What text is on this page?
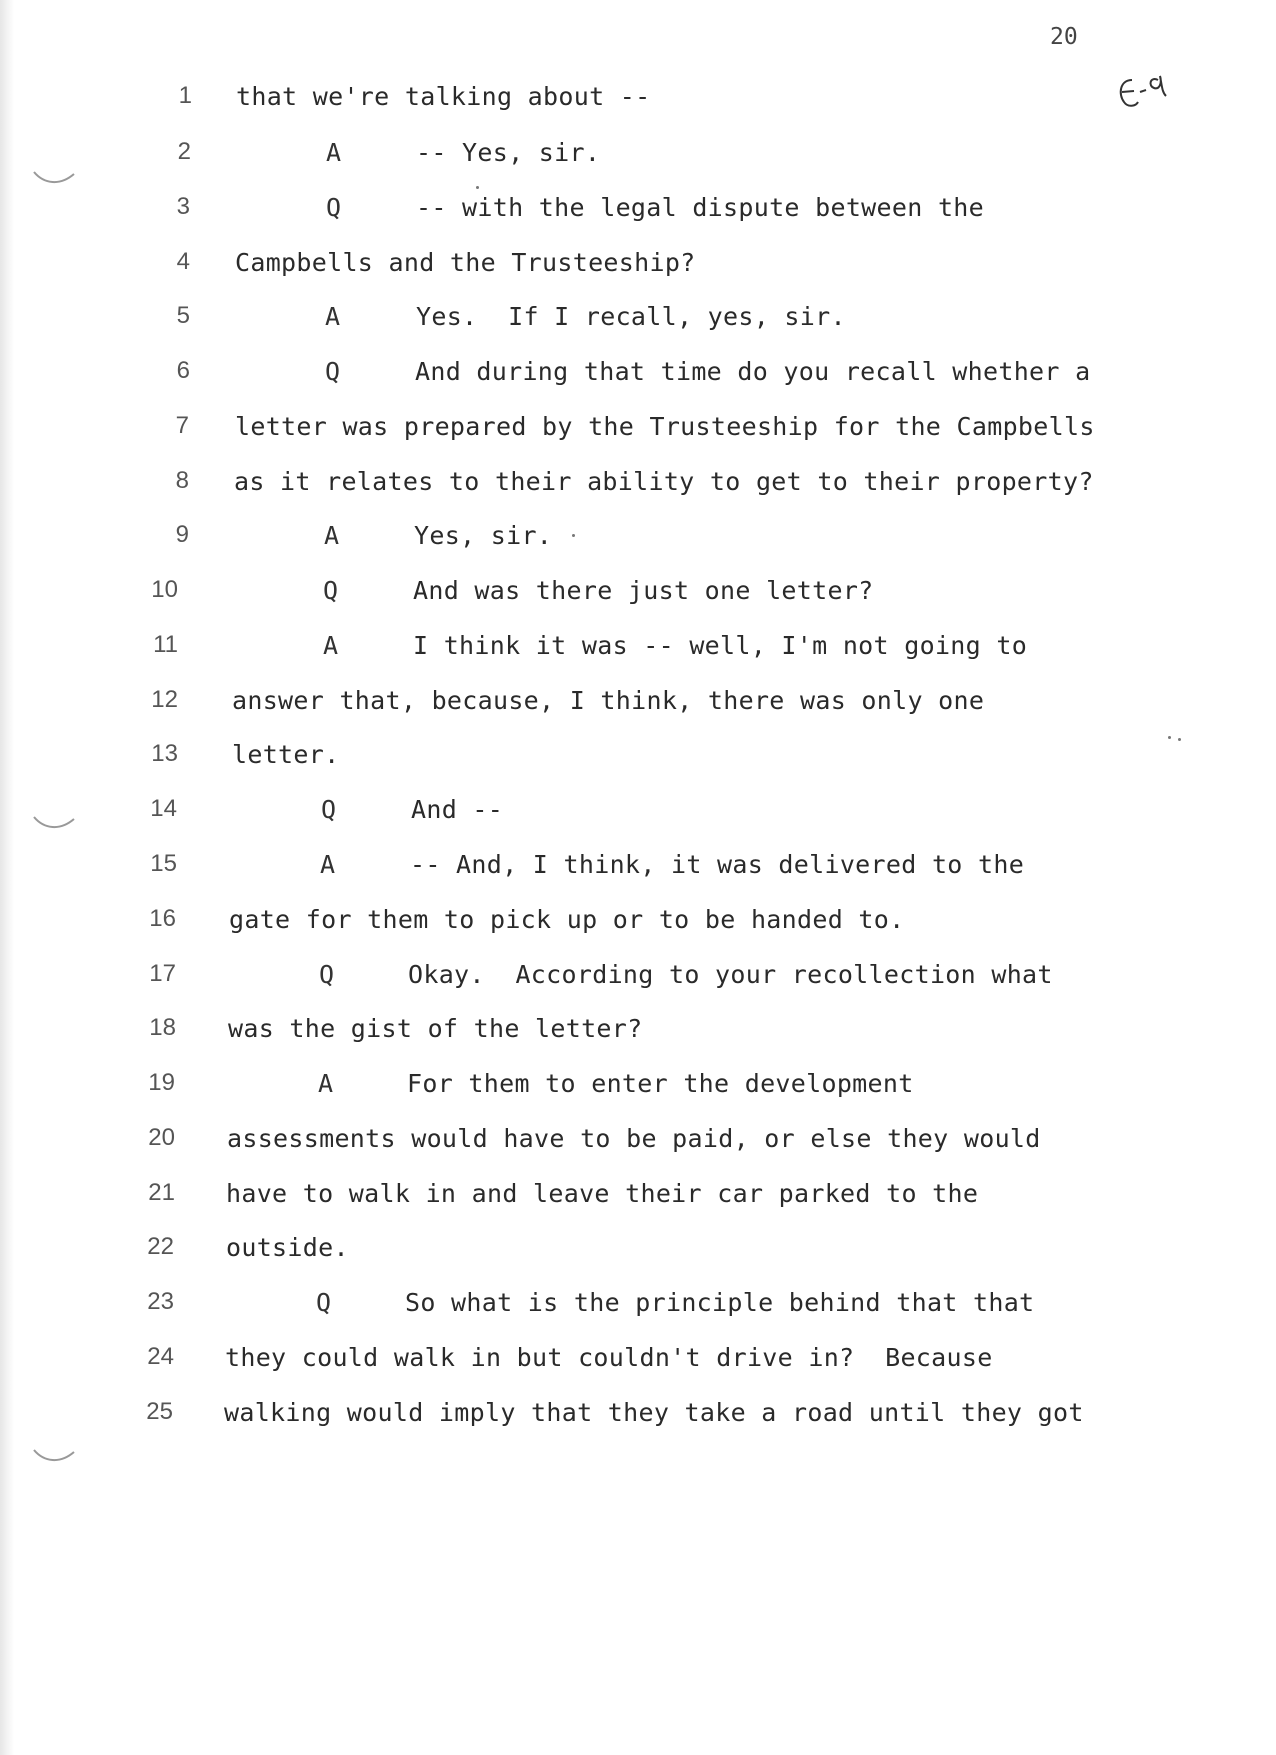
20
1 that we're talking about --
2	A	-- Yes, sir.
3	Q	-- with the legal dispute between the
4 Campbells and the Trusteeship?
5	A	Yes.  If I recall, yes, sir.
6	Q	And during that time do you recall whether a
7 letter was prepared by the Trusteeship for the Campbells
8 as it relates to their ability to get to their property?
9	A	Yes, sir.
10	Q	And was there just one letter?
11	A	I think it was -- well, I'm not going to
12 answer that, because, I think, there was only one
13 letter.
14	Q	And --
15	A	-- And, I think, it was delivered to the
16 gate for them to pick up or to be handed to.
17	Q	Okay.  According to your recollection what
18 was the gist of the letter?
19	A	For them to enter the development
20 assessments would have to be paid, or else they would
21 have to walk in and leave their car parked to the
22 outside.
23	Q	So what is the principle behind that that
24 they could walk in but couldn't drive in?  Because
25 walking would imply that they take a road until they got
